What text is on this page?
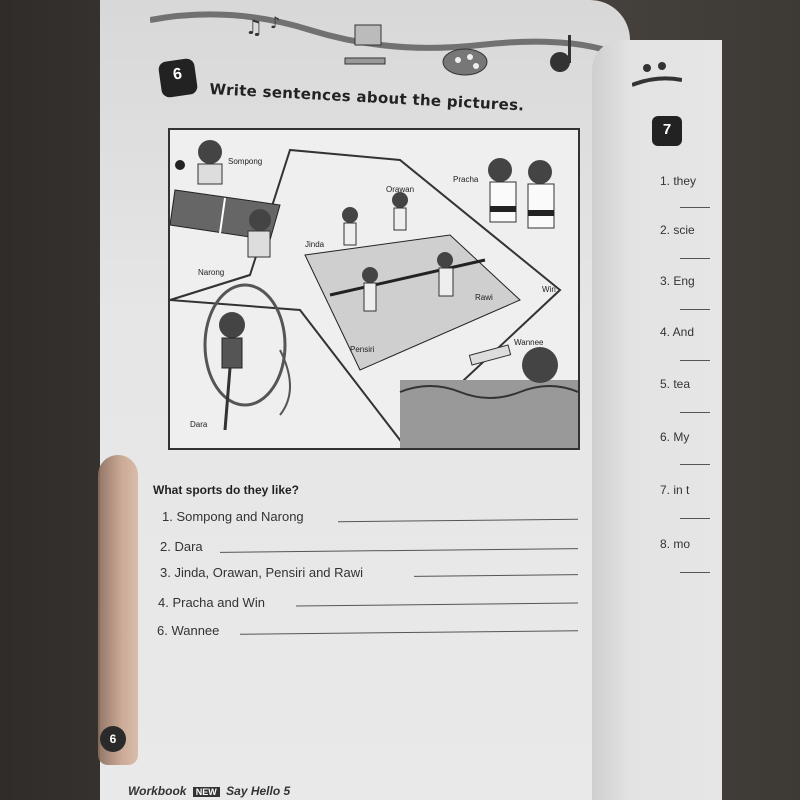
♫ ♪
6
Write sentences about the pictures.
Sompong
Narong
Orawan
Jinda
Pracha
Rawi
Win
Pensiri
Wannee
Dara
What sports do they like?
1. Sompong and Narong
2. Dara
3. Jinda, Orawan, Pensiri and Rawi
4. Pracha and Win
6. Wannee
6
Workbook NEW Say Hello 5
7
1. they
2. scie
3. Eng
4. And
5. tea
6. My
7. in t
8. mo
